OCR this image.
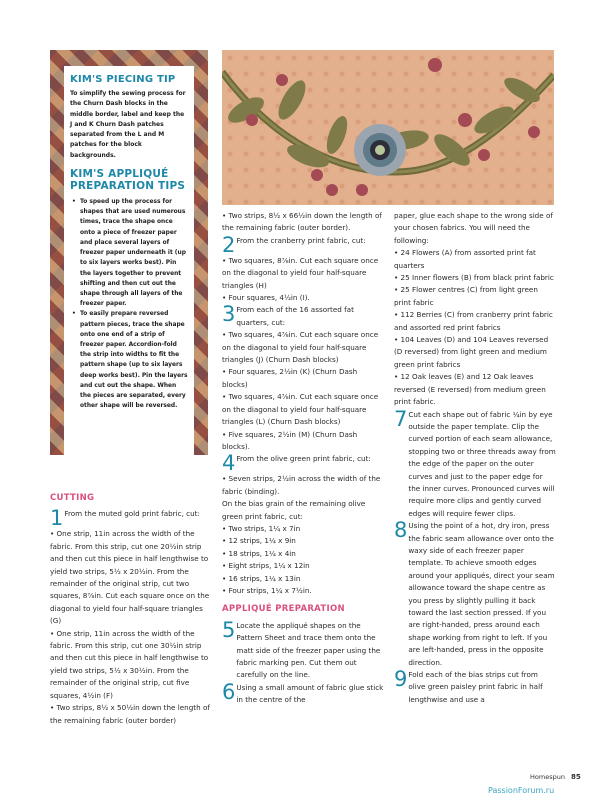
KIM'S PIECING TIP
To simplify the sewing process for the Churn Dash blocks in the middle border, label and keep the J and K Churn Dash patches separated from the L and M patches for the block backgrounds.
KIM'S APPLIQUÉ PREPARATION TIPS
• To speed up the process for shapes that are used numerous times, trace the shape once onto a piece of freezer paper and place several layers of freezer paper underneath it (up to six layers works best). Pin the layers together to prevent shifting and then cut out the shape through all layers of the freezer paper.
• To easily prepare reversed pattern pieces, trace the shape onto one end of a strip of freezer paper. Accordion-fold the strip into widths to fit the pattern shape (up to six layers deep works best). Pin the layers and cut out the shape. When the pieces are separated, every other shape will be reversed.
CUTTING
1 From the muted gold print fabric, cut:

• One strip, 11in across the width of the fabric. From this strip, cut one 20½in strip and then cut this piece in half lengthwise to yield two strips, 5½ x 20½in. From the remainder of the original strip, cut two squares, 8⅞in. Cut each square once on the diagonal to yield four half-square triangles (G)

• One strip, 11in across the width of the fabric. From this strip, cut one 30½in strip and then cut this piece in half lengthwise to yield two strips, 5½ x 30½in. From the remainder of the original strip, cut five squares, 4½in (F)

• Two strips, 8½ x 50½in down the length of the remaining fabric (outer border)

• Two strips, 8½ x 66½in down the length of the remaining fabric (outer border).

2 From the cranberry print fabric, cut:

• Two squares, 8⅞in. Cut each square once on the diagonal to yield four half-square triangles (H)

• Four squares, 4½in (I).

3 From each of the 16 assorted fat quarters, cut:

• Two squares, 4⅞in. Cut each square once on the diagonal to yield four half-square triangles (J) (Churn Dash blocks)

• Four squares, 2½in (K) (Churn Dash blocks)

• Two squares, 4⅞in. Cut each square once on the diagonal to yield four half-square triangles (L) (Churn Dash blocks)

• Five squares, 2½in (M) (Churn Dash blocks).

4 From the olive green print fabric, cut:

• Seven strips, 2½in across the width of the fabric (binding).

On the bias grain of the remaining olive green print fabric, cut:

• Two strips, 1¼ x 7in

• 12 strips, 1¼ x 9in

• 18 strips, 1¼ x 4in

• Eight strips, 1¼ x 12in

• 16 strips, 1¼ x 13in

• Four strips, 1¼ x 7½in.

APPLIQUÉ PREPARATION
5 Locate the appliqué shapes on the Pattern Sheet and trace them onto the matt side of the freezer paper using the fabric marking pen. Cut them out carefully on the line.

6 Using a small amount of fabric glue stick in the centre of the

paper, glue each shape to the wrong side of your chosen fabrics. You will need the following:

• 24 Flowers (A) from assorted print fat quarters

• 25 Inner flowers (B) from black print fabric

• 25 Flower centres (C) from light green print fabric

• 112 Berries (C) from cranberry print fabric and assorted red print fabrics

• 104 Leaves (D) and 104 Leaves reversed (D reversed) from light green and medium green print fabrics

• 12 Oak leaves (E) and 12 Oak leaves reversed (E reversed) from medium green print fabric.

7 Cut each shape out of fabric ¼in by eye outside the paper template. Clip the curved portion of each seam allowance, stopping two or three threads away from the edge of the paper on the outer curves and just to the paper edge for the inner curves. Pronounced curves will require more clips and gently curved edges will require fewer clips.

8 Using the point of a hot, dry iron, press the fabric seam allowance over onto the waxy side of each freezer paper template. To achieve smooth edges around your appliqués, direct your seam allowance toward the shape centre as you press by slightly pulling it back toward the last section pressed. If you are right-handed, press around each shape working from right to left. If you are left-handed, press in the opposite direction.

9 Fold each of the bias strips cut from olive green paisley print fabric in half lengthwise and use a

Homespun 85
PassionForum.ru
